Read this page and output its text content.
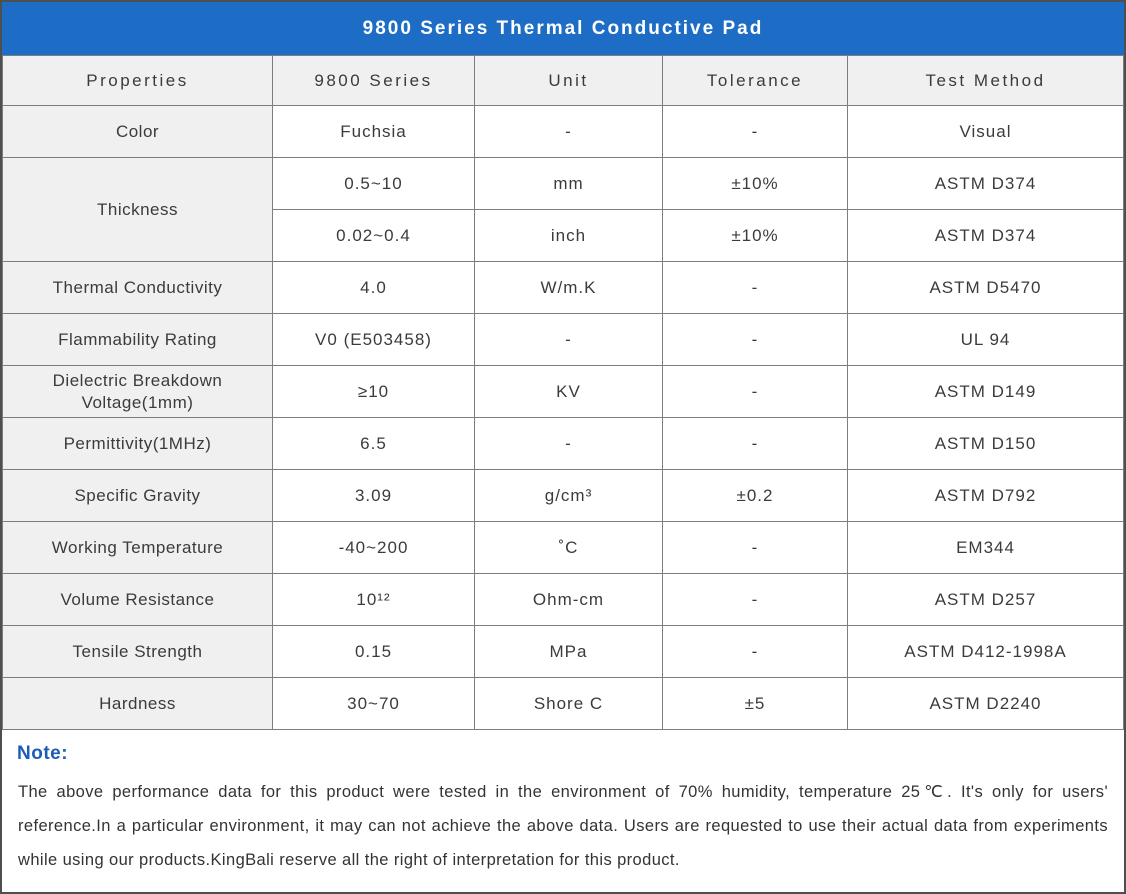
9800 Series Thermal Conductive Pad
Properties	9800 Series	Unit	Tolerance	Test Method
Color	Fuchsia	-	-	Visual
Thickness	0.5~10	mm	±10%	ASTM D374
	0.02~0.4	inch	±10%	ASTM D374
Thermal Conductivity	4.0	W/m.K	-	ASTM D5470
Flammability Rating	V0 (E503458)	-	-	UL 94
Dielectric Breakdown Voltage(1mm)	≥10	KV	-	ASTM D149
Permittivity(1MHz)	6.5	-	-	ASTM D150
Specific Gravity	3.09	g/cm³	±0.2	ASTM D792
Working Temperature	-40~200	˚C	-	EM344
Volume Resistance	10¹²	Ohm-cm	-	ASTM D257
Tensile Strength	0.15	MPa	-	ASTM D412-1998A
Hardness	30~70	Shore C	±5	ASTM D2240
Note:

The above performance data for this product were tested in the environment of 70% humidity, temperature 25℃. It's only for users' reference.In a particular environment, it may can not achieve the above data. Users are requested to use their actual data from experiments while using our products.KingBali reserve all the right of interpretation for this product.
